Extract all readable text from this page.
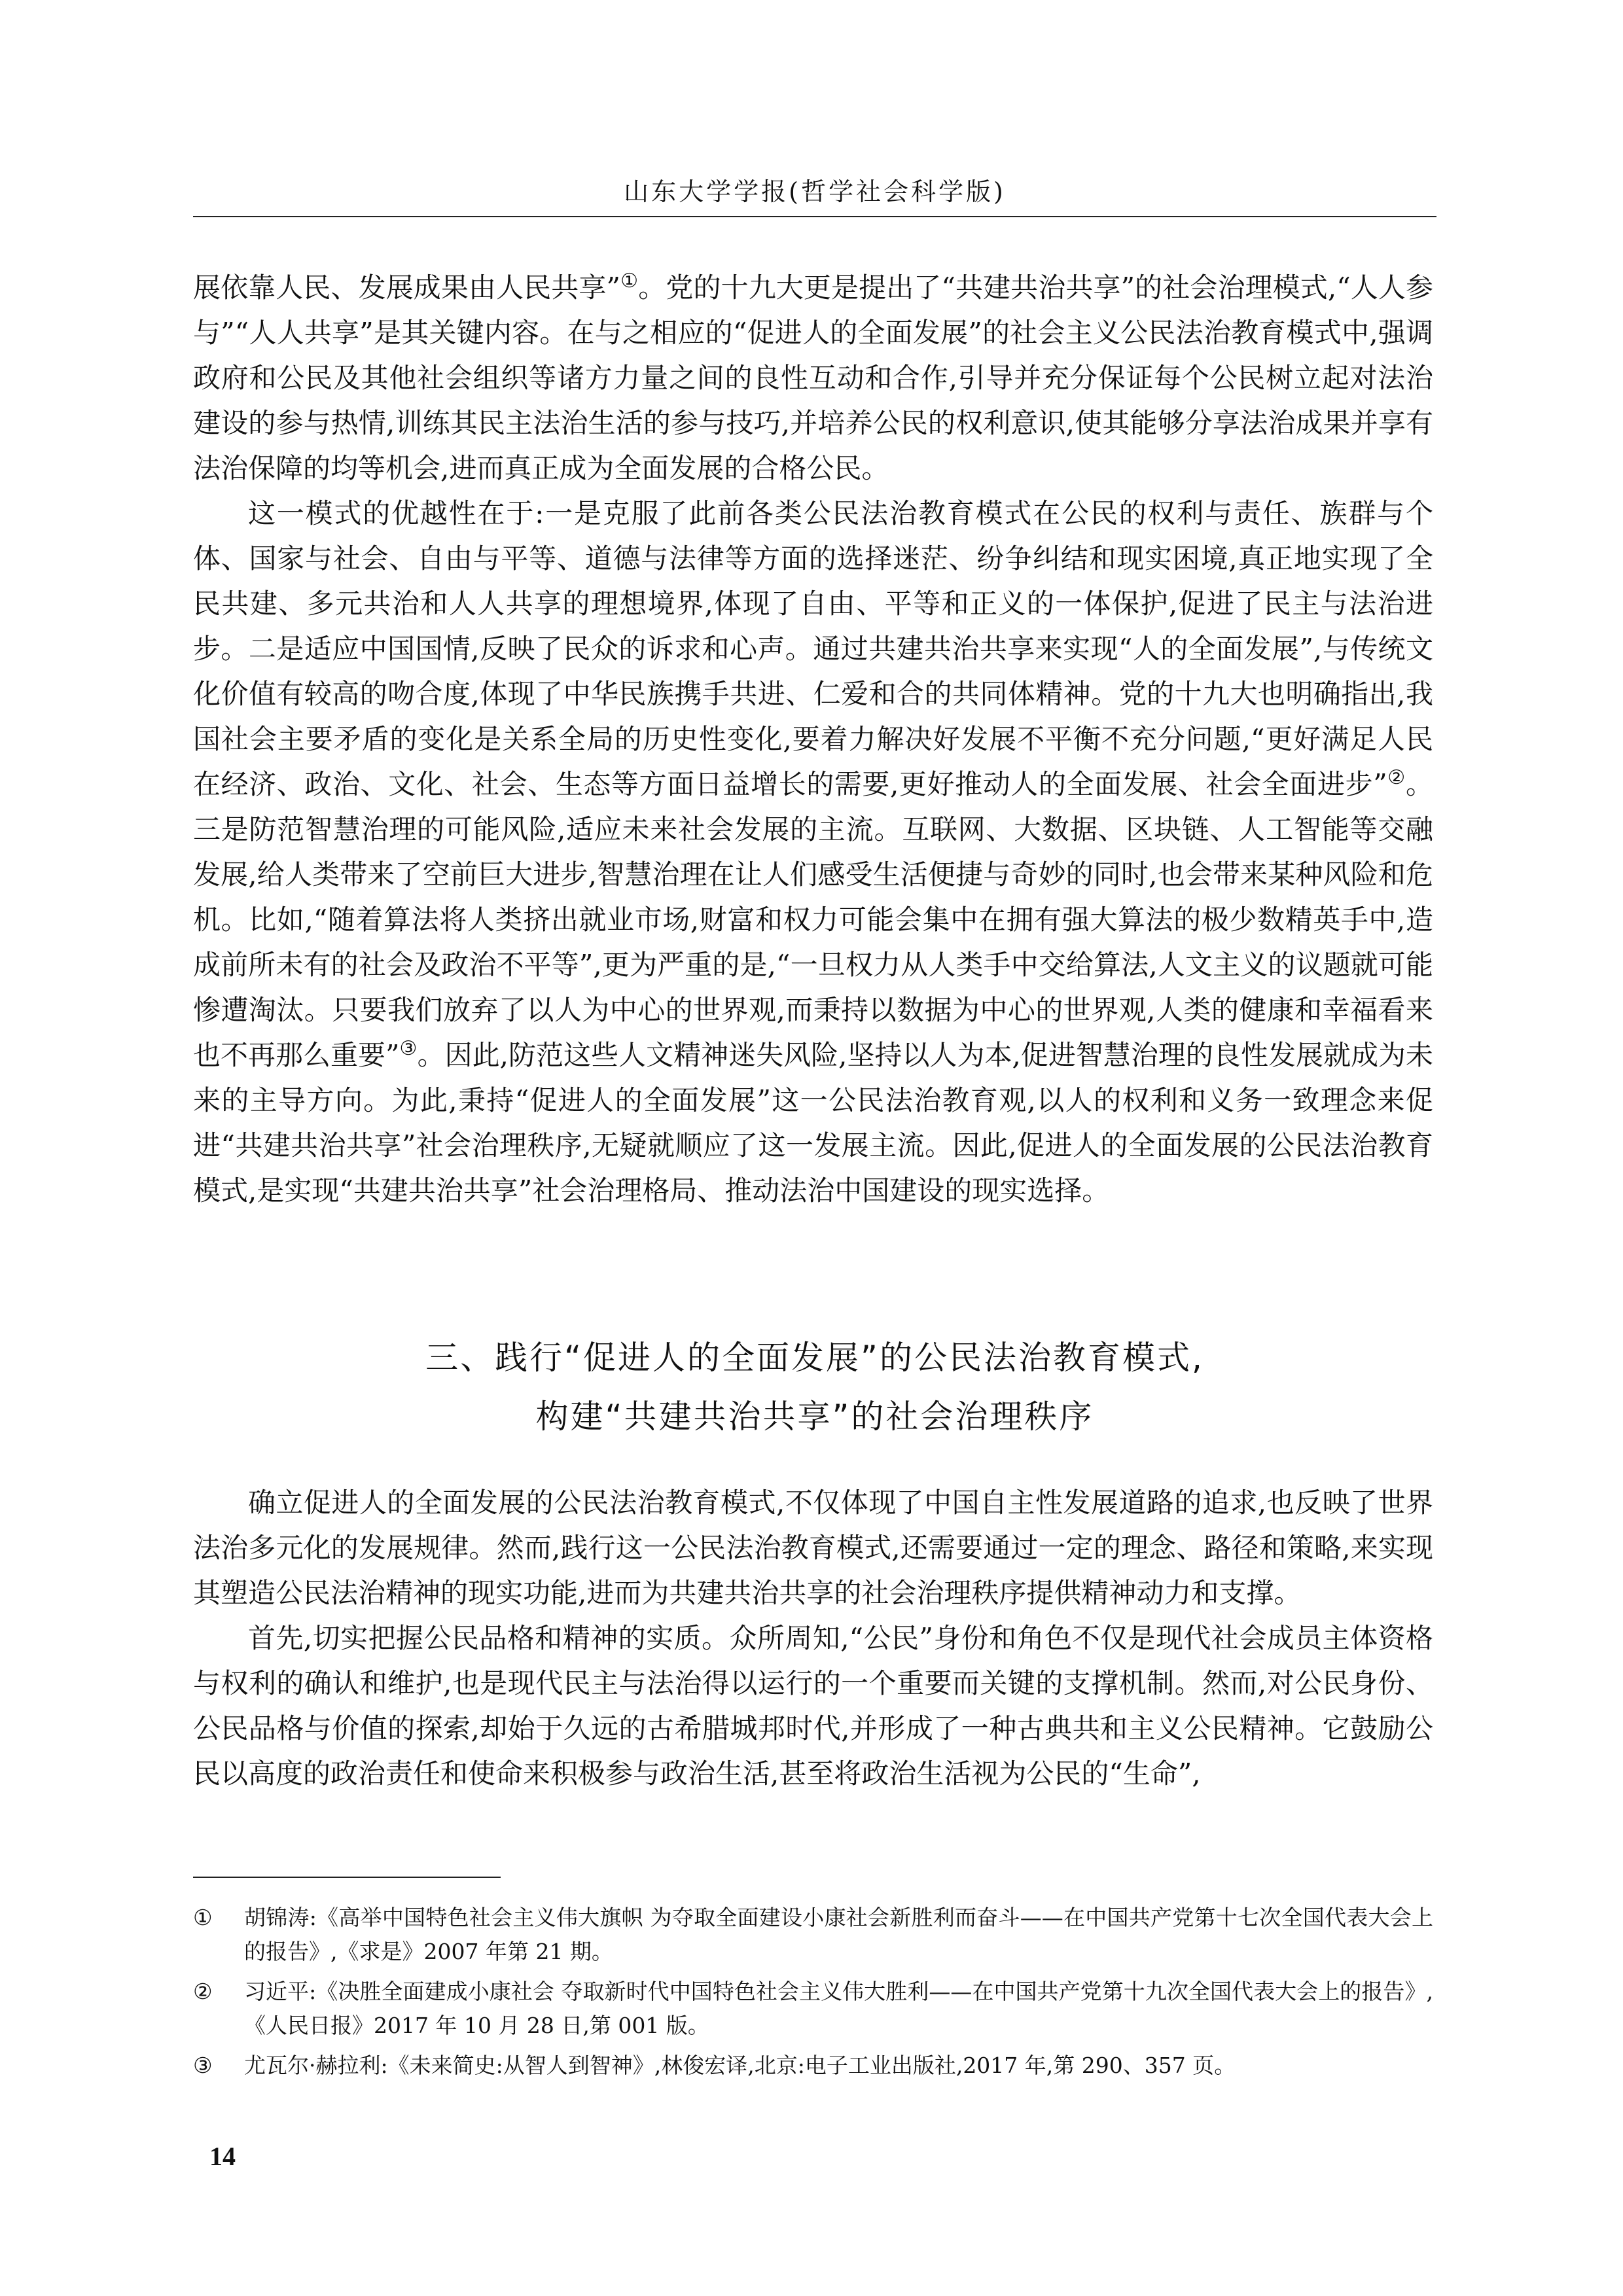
山东大学学报(哲学社会科学版)

展依靠人民、发展成果由人民共享”①。党的十九大更是提出了“共建共治共享”的社会治理模式,“人人参与”“人人共享”是其关键内容。在与之相应的“促进人的全面发展”的社会主义公民法治教育模式中,强调政府和公民及其他社会组织等诸方力量之间的良性互动和合作,引导并充分保证每个公民树立起对法治建设的参与热情,训练其民主法治生活的参与技巧,并培养公民的权利意识,使其能够分享法治成果并享有法治保障的均等机会,进而真正成为全面发展的合格公民。

这一模式的优越性在于:一是克服了此前各类公民法治教育模式在公民的权利与责任、族群与个体、国家与社会、自由与平等、道德与法律等方面的选择迷茫、纷争纠结和现实困境,真正地实现了全民共建、多元共治和人人共享的理想境界,体现了自由、平等和正义的一体保护,促进了民主与法治进步。二是适应中国国情,反映了民众的诉求和心声。通过共建共治共享来实现“人的全面发展”,与传统文化价值有较高的吻合度,体现了中华民族携手共进、仁爱和合的共同体精神。党的十九大也明确指出,我国社会主要矛盾的变化是关系全局的历史性变化,要着力解决好发展不平衡不充分问题,“更好满足人民在经济、政治、文化、社会、生态等方面日益增长的需要,更好推动人的全面发展、社会全面进步”②。三是防范智慧治理的可能风险,适应未来社会发展的主流。互联网、大数据、区块链、人工智能等交融发展,给人类带来了空前巨大进步,智慧治理在让人们感受生活便捷与奇妙的同时,也会带来某种风险和危机。比如,“随着算法将人类挤出就业市场,财富和权力可能会集中在拥有强大算法的极少数精英手中,造成前所未有的社会及政治不平等”,更为严重的是,“一旦权力从人类手中交给算法,人文主义的议题就可能惨遭淘汰。只要我们放弃了以人为中心的世界观,而秉持以数据为中心的世界观,人类的健康和幸福看来也不再那么重要”③。因此,防范这些人文精神迷失风险,坚持以人为本,促进智慧治理的良性发展就成为未来的主导方向。为此,秉持“促进人的全面发展”这一公民法治教育观,以人的权利和义务一致理念来促进“共建共治共享”社会治理秩序,无疑就顺应了这一发展主流。因此,促进人的全面发展的公民法治教育模式,是实现“共建共治共享”社会治理格局、推动法治中国建设的现实选择。

三、践行“促进人的全面发展”的公民法治教育模式,
构建“共建共治共享”的社会治理秩序

确立促进人的全面发展的公民法治教育模式,不仅体现了中国自主性发展道路的追求,也反映了世界法治多元化的发展规律。然而,践行这一公民法治教育模式,还需要通过一定的理念、路径和策略,来实现其塑造公民法治精神的现实功能,进而为共建共治共享的社会治理秩序提供精神动力和支撑。

首先,切实把握公民品格和精神的实质。众所周知,“公民”身份和角色不仅是现代社会成员主体资格与权利的确认和维护,也是现代民主与法治得以运行的一个重要而关键的支撑机制。然而,对公民身份、公民品格与价值的探索,却始于久远的古希腊城邦时代,并形成了一种古典共和主义公民精神。它鼓励公民以高度的政治责任和使命来积极参与政治生活,甚至将政治生活视为公民的“生命”,

①	胡锦涛:《高举中国特色社会主义伟大旗帜 为夺取全面建设小康社会新胜利而奋斗——在中国共产党第十七次全国代表大会上的报告》,《求是》2007 年第 21 期。
②	习近平:《决胜全面建成小康社会 夺取新时代中国特色社会主义伟大胜利——在中国共产党第十九次全国代表大会上的报告》,《人民日报》2017 年 10 月 28 日,第 001 版。
③	尤瓦尔·赫拉利:《未来简史:从智人到智神》,林俊宏译,北京:电子工业出版社,2017 年,第 290、357 页。
14
